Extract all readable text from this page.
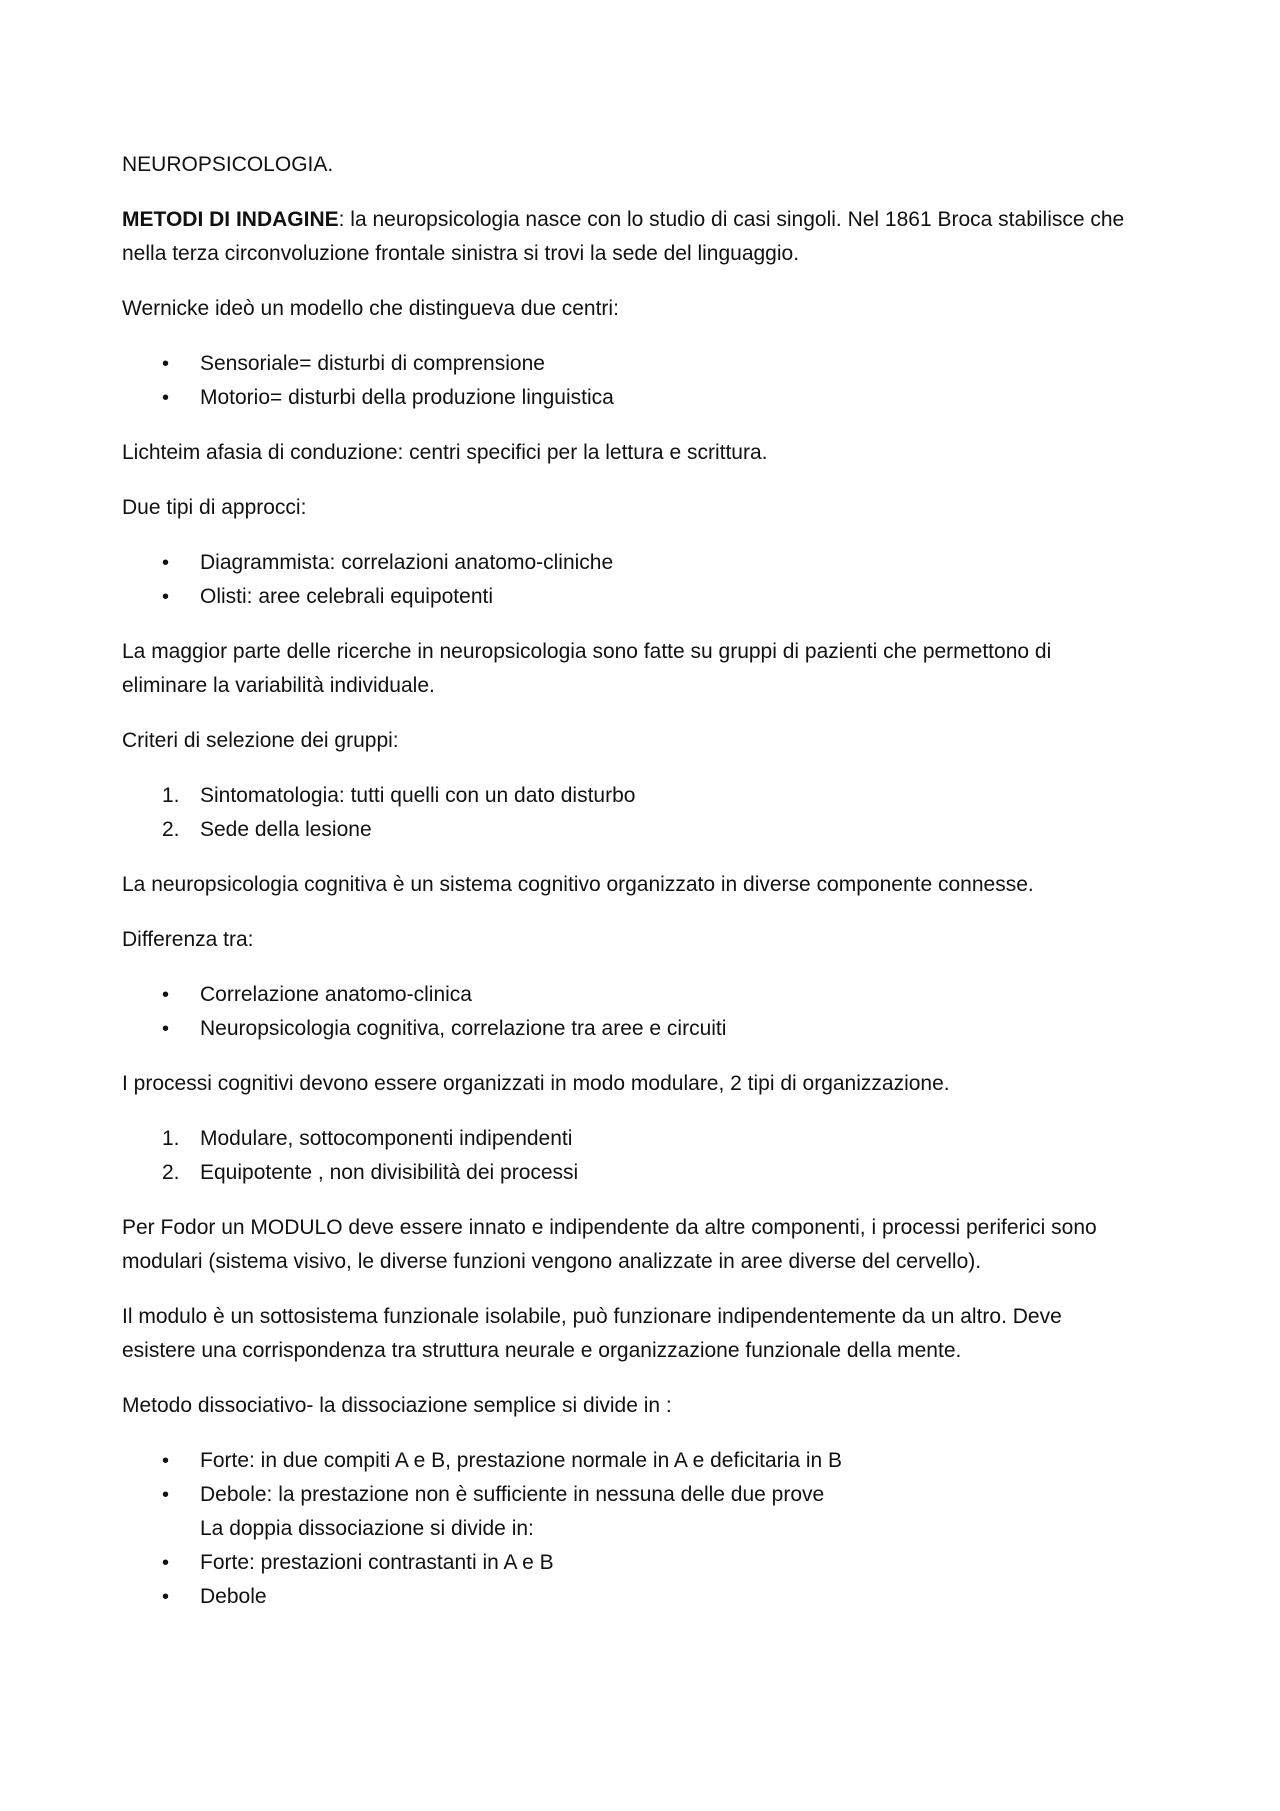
NEUROPSICOLOGIA.

METODI DI INDAGINE: la neuropsicologia nasce con lo studio di casi singoli. Nel 1861 Broca stabilisce che nella terza circonvoluzione frontale sinistra si trovi la sede del linguaggio.

Wernicke ideò un modello che distingueva due centri:

•	Sensoriale= disturbi di comprensione
•	Motorio= disturbi della produzione linguistica

Lichteim afasia di conduzione: centri specifici per la lettura e scrittura.

Due tipi di approcci:

•	Diagrammista: correlazioni anatomo-cliniche
•	Olisti: aree celebrali equipotenti

La maggior parte delle ricerche in neuropsicologia sono fatte su gruppi di pazienti che permettono di eliminare la variabilità individuale.

Criteri di selezione dei gruppi:

1. Sintomatologia: tutti quelli con un dato disturbo
2. Sede della lesione

La neuropsicologia cognitiva è un sistema cognitivo organizzato in diverse componente connesse.

Differenza tra:

•	Correlazione anatomo-clinica
•	Neuropsicologia cognitiva, correlazione tra aree e circuiti

I processi cognitivi devono essere organizzati in modo modulare, 2 tipi di organizzazione.

1. Modulare, sottocomponenti indipendenti
2. Equipotente , non divisibilità dei processi

Per Fodor un MODULO deve essere innato e indipendente da altre componenti, i processi periferici sono modulari (sistema visivo, le diverse funzioni vengono analizzate in aree diverse del cervello).

Il modulo è un sottosistema funzionale isolabile, può funzionare indipendentemente da un altro. Deve esistere una corrispondenza tra struttura neurale e organizzazione funzionale della mente.

Metodo dissociativo- la dissociazione semplice si divide in :

•	Forte: in due compiti A e B, prestazione normale in A e deficitaria in B
•	Debole: la prestazione non è sufficiente in nessuna delle due prove
La doppia dissociazione si divide in:
•	Forte: prestazioni contrastanti in A e B
•	Debole
